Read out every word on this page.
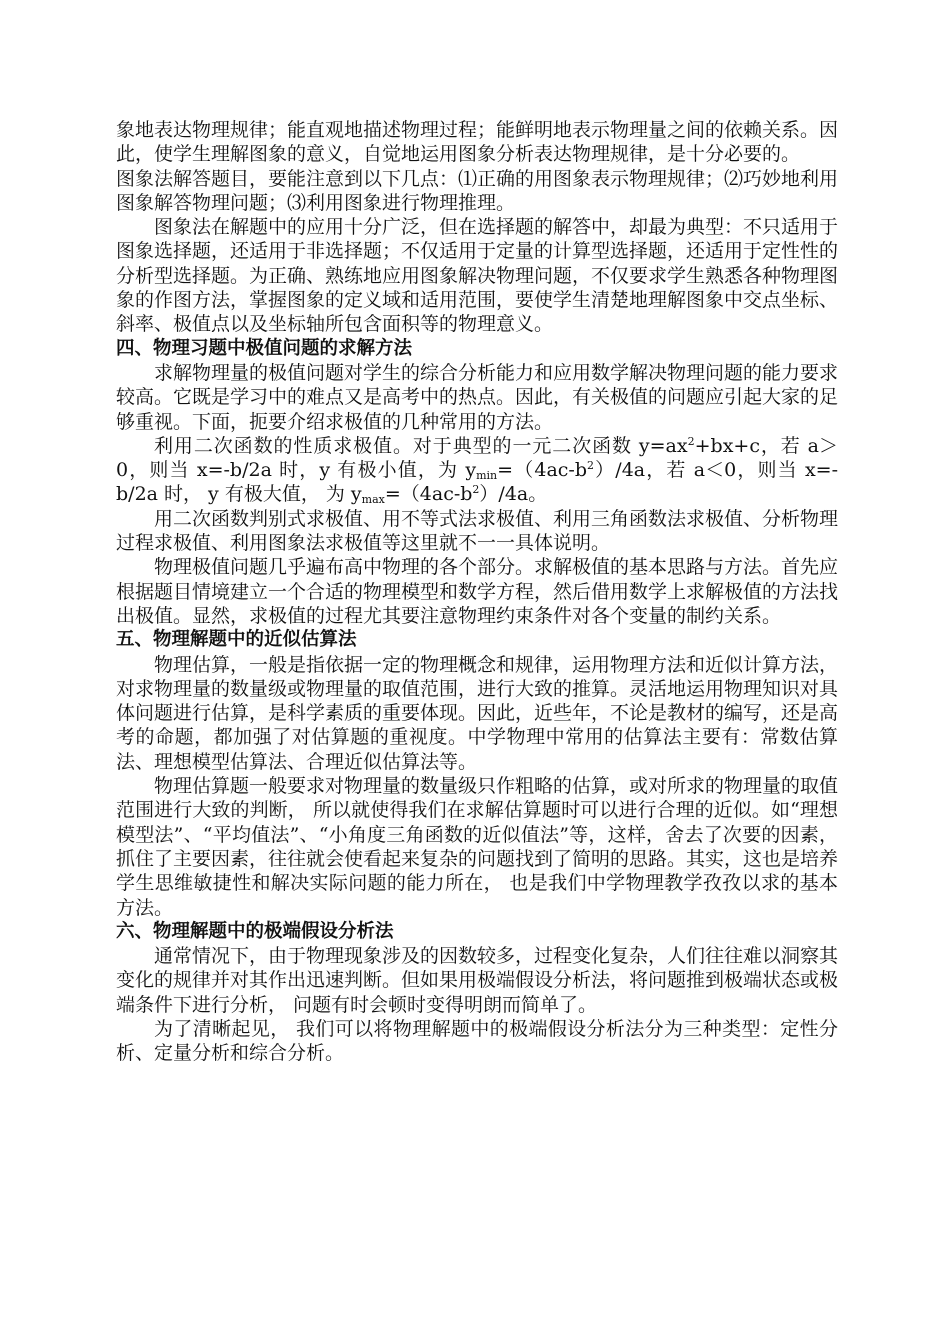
象地表达物理规律；能直观地描述物理过程；能鲜明地表示物理量之间的依赖关系。因此，使学生理解图象的意义，自觉地运用图象分析表达物理规律，是十分必要的。

图象法解答题目，要能注意到以下几点：⑴正确的用图象表示物理规律；⑵巧妙地利用图象解答物理问题；⑶利用图象进行物理推理。

图象法在解题中的应用十分广泛，但在选择题的解答中，却最为典型：不只适用于图象选择题，还适用于非选择题；不仅适用于定量的计算型选择题，还适用于定性性的分析型选择题。为正确、熟练地应用图象解决物理问题，不仅要求学生熟悉各种物理图象的作图方法，掌握图象的定义域和适用范围，要使学生清楚地理解图象中交点坐标、斜率、极值点以及坐标轴所包含面积等的物理意义。

四、物理习题中极值问题的求解方法

求解物理量的极值问题对学生的综合分析能力和应用数学解决物理问题的能力要求较高。它既是学习中的难点又是高考中的热点。因此，有关极值的问题应引起大家的足够重视。下面，扼要介绍求极值的几种常用的方法。

利用二次函数的性质求极值。对于典型的一元二次函数 $y=ax^2+bx+c$，若 a＞0，则当 x=-b/2a 时，y 有极小值，为 $y_{min}=(4ac-b^2)/4a$，若 a＜0，则当 x=-b/2a 时， y 有极大值， 为 $y_{max}=(4ac-b^2)/4a$。

用二次函数判别式求极值、用不等式法求极值、利用三角函数法求极值、分析物理过程求极值、利用图象法求极值等这里就不一一具体说明。

物理极值问题几乎遍布高中物理的各个部分。求解极值的基本思路与方法。首先应根据题目情境建立一个合适的物理模型和数学方程，然后借用数学上求解极值的方法找出极值。显然，求极值的过程尤其要注意物理约束条件对各个变量的制约关系。

五、物理解题中的近似估算法

物理估算，一般是指依据一定的物理概念和规律，运用物理方法和近似计算方法，对求物理量的数量级或物理量的取值范围，进行大致的推算。灵活地运用物理知识对具体问题进行估算，是科学素质的重要体现。因此，近些年，不论是教材的编写，还是高考的命题，都加强了对估算题的重视度。中学物理中常用的估算法主要有：常数估算法、理想模型估算法、合理近似估算法等。

物理估算题一般要求对物理量的数量级只作粗略的估算，或对所求的物理量的取值范围进行大致的判断， 所以就使得我们在求解估算题时可以进行合理的近似。如“理想模型法”、“平均值法”、“小角度三角函数的近似值法”等，这样，舍去了次要的因素，抓住了主要因素，往往就会使看起来复杂的问题找到了简明的思路。其实，这也是培养学生思维敏捷性和解决实际问题的能力所在， 也是我们中学物理教学孜孜以求的基本方法。

六、物理解题中的极端假设分析法

通常情况下，由于物理现象涉及的因数较多，过程变化复杂，人们往往难以洞察其变化的规律并对其作出迅速判断。但如果用极端假设分析法，将问题推到极端状态或极端条件下进行分析， 问题有时会顿时变得明朗而简单了。

为了清晰起见， 我们可以将物理解题中的极端假设分析法分为三种类型：定性分析、定量分析和综合分析。
